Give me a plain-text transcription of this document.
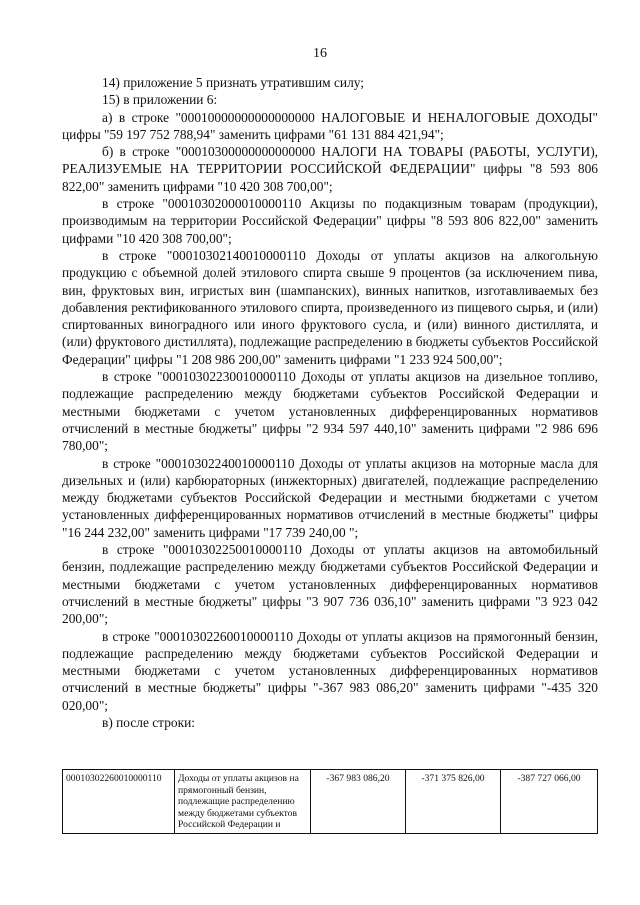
16

14) приложение 5 признать утратившим силу;

15) в приложении 6:

а) в строке "00010000000000000000 НАЛОГОВЫЕ И НЕНАЛОГОВЫЕ ДОХОДЫ" цифры "59 197 752 788,94" заменить цифрами "61 131 884 421,94";

б) в строке "00010300000000000000 НАЛОГИ НА ТОВАРЫ (РАБОТЫ, УСЛУГИ), РЕАЛИЗУЕМЫЕ НА ТЕРРИТОРИИ РОССИЙСКОЙ ФЕДЕРАЦИИ" цифры "8 593 806 822,00" заменить цифрами "10 420 308 700,00";

в строке "00010302000010000110 Акцизы по подакцизным товарам (продукции), производимым на территории Российской Федерации" цифры "8 593 806 822,00" заменить цифрами "10 420 308 700,00";

в строке "00010302140010000110 Доходы от уплаты акцизов на алкогольную продукцию с объемной долей этилового спирта свыше 9 процентов (за исключением пива, вин, фруктовых вин, игристых вин (шампанских), винных напитков, изготавливаемых без добавления ректификованного этилового спирта, произведенного из пищевого сырья, и (или) спиртованных виноградного или иного фруктового сусла, и (или) винного дистиллята, и (или) фруктового дистиллята), подлежащие распределению в бюджеты субъектов Российской Федерации" цифры "1 208 986 200,00" заменить цифрами "1 233 924 500,00";

в строке "00010302230010000110 Доходы от уплаты акцизов на дизельное топливо, подлежащие распределению между бюджетами субъектов Российской Федерации и местными бюджетами с учетом установленных дифференцированных нормативов отчислений в местные бюджеты" цифры "2 934 597 440,10" заменить цифрами "2 986 696 780,00";

в строке "00010302240010000110 Доходы от уплаты акцизов на моторные масла для дизельных и (или) карбюраторных (инжекторных) двигателей, подлежащие распределению между бюджетами субъектов Российской Федерации и местными бюджетами с учетом установленных дифференцированных нормативов отчислений в местные бюджеты" цифры "16 244 232,00" заменить цифрами "17 739 240,00 ";

в строке "00010302250010000110 Доходы от уплаты акцизов на автомобильный бензин, подлежащие распределению между бюджетами субъектов Российской Федерации и местными бюджетами с учетом установленных дифференцированных нормативов отчислений в местные бюджеты" цифры "3 907 736 036,10" заменить цифрами "3 923 042 200,00";

в строке "00010302260010000110 Доходы от уплаты акцизов на прямогонный бензин, подлежащие распределению между бюджетами субъектов Российской Федерации и местными бюджетами с учетом установленных дифференцированных нормативов отчислений в местные бюджеты" цифры "-367 983 086,20" заменить цифрами "-435 320 020,00";

в) после строки:

00010302260010000110	Доходы от уплаты акцизов на прямогонный бензин, подлежащие распределению между бюджетами субъектов Российской Федерации и	-367 983 086,20	-371 375 826,00	-387 727 066,00
